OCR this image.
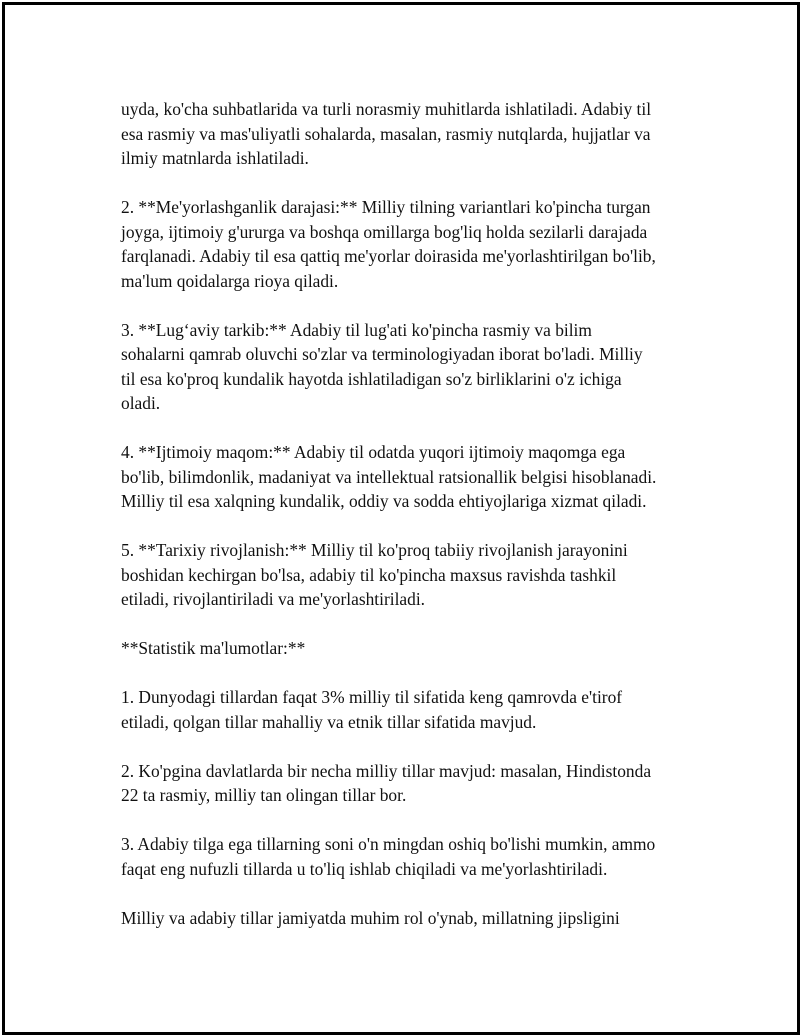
uyda, ko'cha suhbatlarida va turli norasmiy muhitlarda ishlatiladi. Adabiy til
esa rasmiy va mas'uliyatli sohalarda, masalan, rasmiy nutqlarda, hujjatlar va
ilmiy matnlarda ishlatiladi.

2. **Me'yorlashganlik darajasi:** Milliy tilning variantlari ko'pincha turgan
joyga, ijtimoiy g'ururga va boshqa omillarga bog'liq holda sezilarli darajada
farqlanadi. Adabiy til esa qattiq me'yorlar doirasida me'yorlashtirilgan bo'lib,
ma'lum qoidalarga rioya qiladi.

3. **Lug‘aviy tarkib:** Adabiy til lug'ati ko'pincha rasmiy va bilim
sohalarni qamrab oluvchi so'zlar va terminologiyadan iborat bo'ladi. Milliy
til esa ko'proq kundalik hayotda ishlatiladigan so'z birliklarini o'z ichiga
oladi.

4. **Ijtimoiy maqom:** Adabiy til odatda yuqori ijtimoiy maqomga ega
bo'lib, bilimdonlik, madaniyat va intellektual ratsionallik belgisi hisoblanadi.
Milliy til esa xalqning kundalik, oddiy va sodda ehtiyojlariga xizmat qiladi.

5. **Tarixiy rivojlanish:** Milliy til ko'proq tabiiy rivojlanish jarayonini
boshidan kechirgan bo'lsa, adabiy til ko'pincha maxsus ravishda tashkil
etiladi, rivojlantiriladi va me'yorlashtiriladi.

**Statistik ma'lumotlar:**

1. Dunyodagi tillardan faqat 3% milliy til sifatida keng qamrovda e'tirof
etiladi, qolgan tillar mahalliy va etnik tillar sifatida mavjud.

2. Ko'pgina davlatlarda bir necha milliy tillar mavjud: masalan, Hindistonda
22 ta rasmiy, milliy tan olingan tillar bor.

3. Adabiy tilga ega tillarning soni o'n mingdan oshiq bo'lishi mumkin, ammo
faqat eng nufuzli tillarda u to'liq ishlab chiqiladi va me'yorlashtiriladi.

Milliy va adabiy tillar jamiyatda muhim rol o'ynab, millatning jipsligini
